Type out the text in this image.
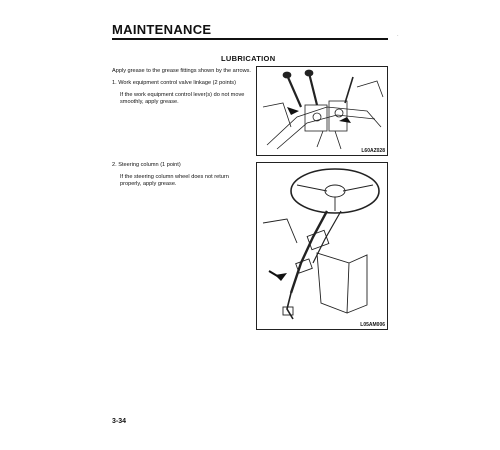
MAINTENANCE	·
LUBRICATION
Apply grease to the grease fittings shown by the arrows.
1. Work equipment control valve linkage (2 points)
If the work equipment control lever(s) do not move smoothly, apply grease.
2. Steering column (1 point)
If the steering column wheel does not return properly, apply grease.
L60AZ028
L05AM006
3-34
